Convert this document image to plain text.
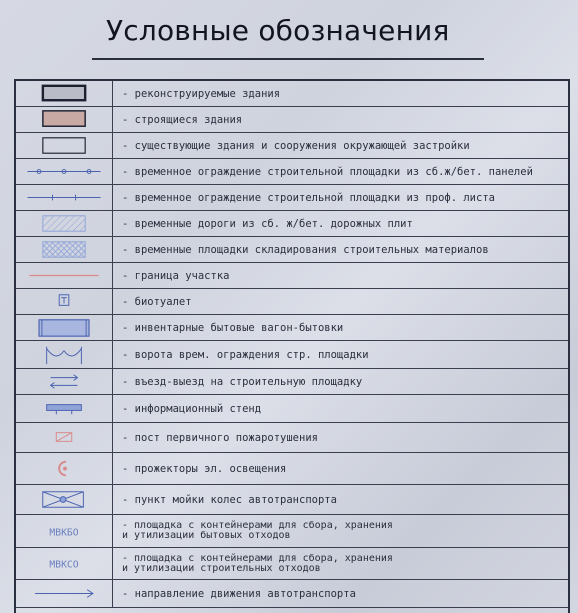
Условные обозначения
- реконструируемые здания
- строящиеся здания
- существующие здания и сооружения окружающей застройки
- временное ограждение строительной площадки из сб.ж/бет. панелей
- временное ограждение строительной площадки из проф. листа
- временные дороги из сб. ж/бет. дорожных плит
- временные площадки складирования строительных материалов
- граница участка
- биотуалет
- инвентарные бытовые вагон-бытовки
- ворота врем. ограждения стр. площадки
- въезд-выезд на строительную площадку
- информационный стенд
- пост первичного пожаротушения
- прожекторы эл. освещения
- пункт мойки колес автотранспорта
МВКБО
- площадка с контейнерами для сбора, хранения
и утилизации бытовых отходов
МВКСО
- площадка с контейнерами для сбора, хранения
и утилизации строительных отходов
- направление движения автотранспорта
